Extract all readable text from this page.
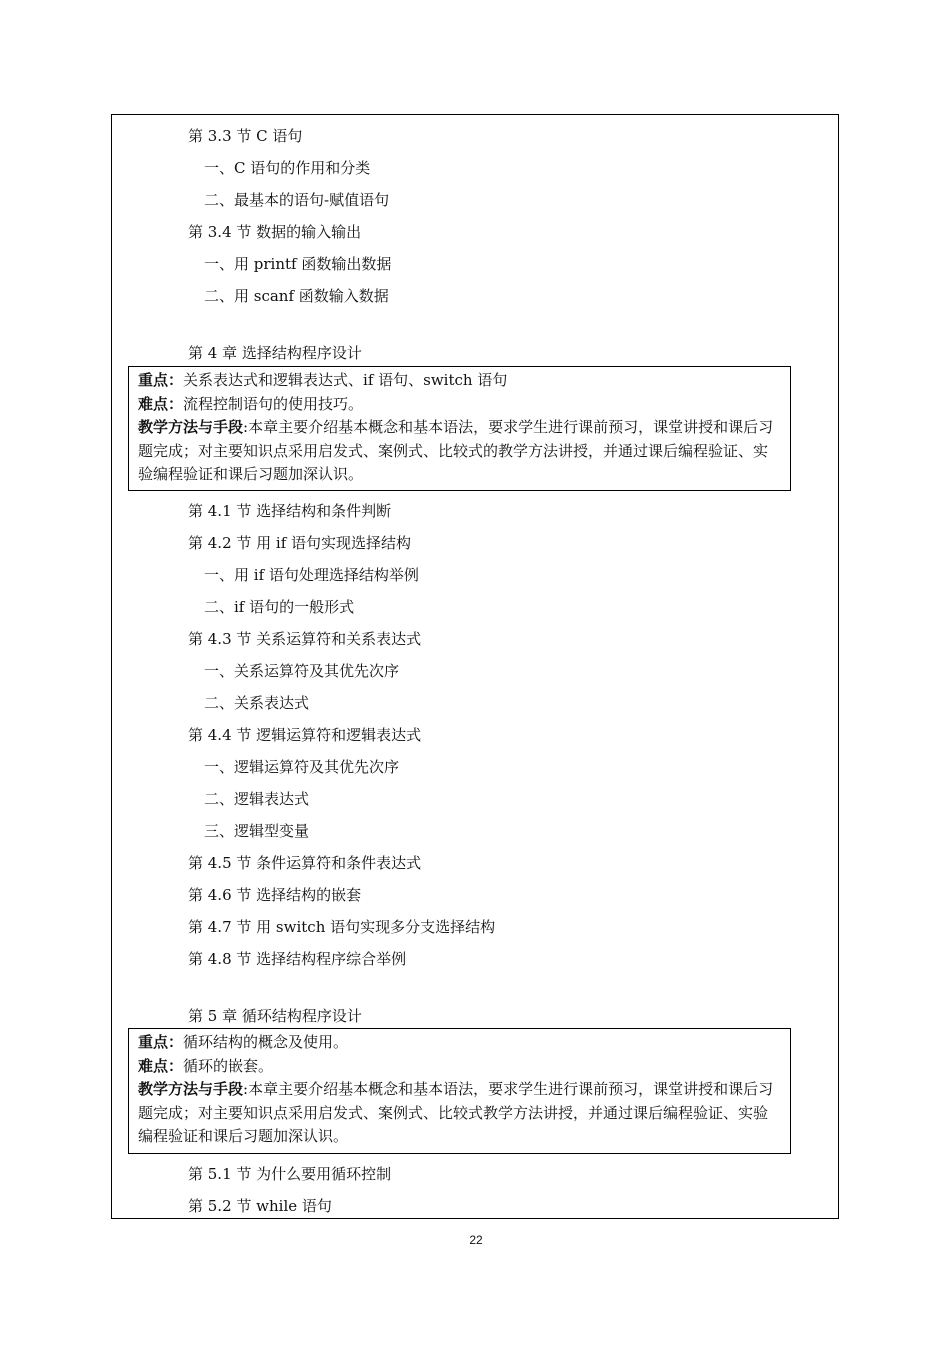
第 3.3 节 C 语句
一、C 语句的作用和分类
二、最基本的语句-赋值语句
第 3.4 节 数据的输入输出
一、用 printf 函数输出数据
二、用 scanf 函数输入数据
第 4 章 选择结构程序设计

重点：关系表达式和逻辑表达式、if 语句、switch 语句

难点：流程控制语句的使用技巧。

教学方法与手段:本章主要介绍基本概念和基本语法，要求学生进行课前预习，课堂讲授和课后习题完成；对主要知识点采用启发式、案例式、比较式的教学方法讲授，并通过课后编程验证、实验编程验证和课后习题加深认识。

第 4.1 节 选择结构和条件判断
第 4.2 节 用 if 语句实现选择结构
一、用 if 语句处理选择结构举例
二、if 语句的一般形式
第 4.3 节 关系运算符和关系表达式
一、关系运算符及其优先次序
二、关系表达式
第 4.4 节 逻辑运算符和逻辑表达式
一、逻辑运算符及其优先次序
二、逻辑表达式
三、逻辑型变量
第 4.5 节 条件运算符和条件表达式
第 4.6 节 选择结构的嵌套
第 4.7 节 用 switch 语句实现多分支选择结构
第 4.8 节 选择结构程序综合举例
第 5 章 循环结构程序设计

重点：循环结构的概念及使用。

难点：循环的嵌套。

教学方法与手段:本章主要介绍基本概念和基本语法，要求学生进行课前预习，课堂讲授和课后习题完成；对主要知识点采用启发式、案例式、比较式教学方法讲授，并通过课后编程验证、实验编程验证和课后习题加深认识。

第 5.1 节 为什么要用循环控制
第 5.2 节 while 语句
22
